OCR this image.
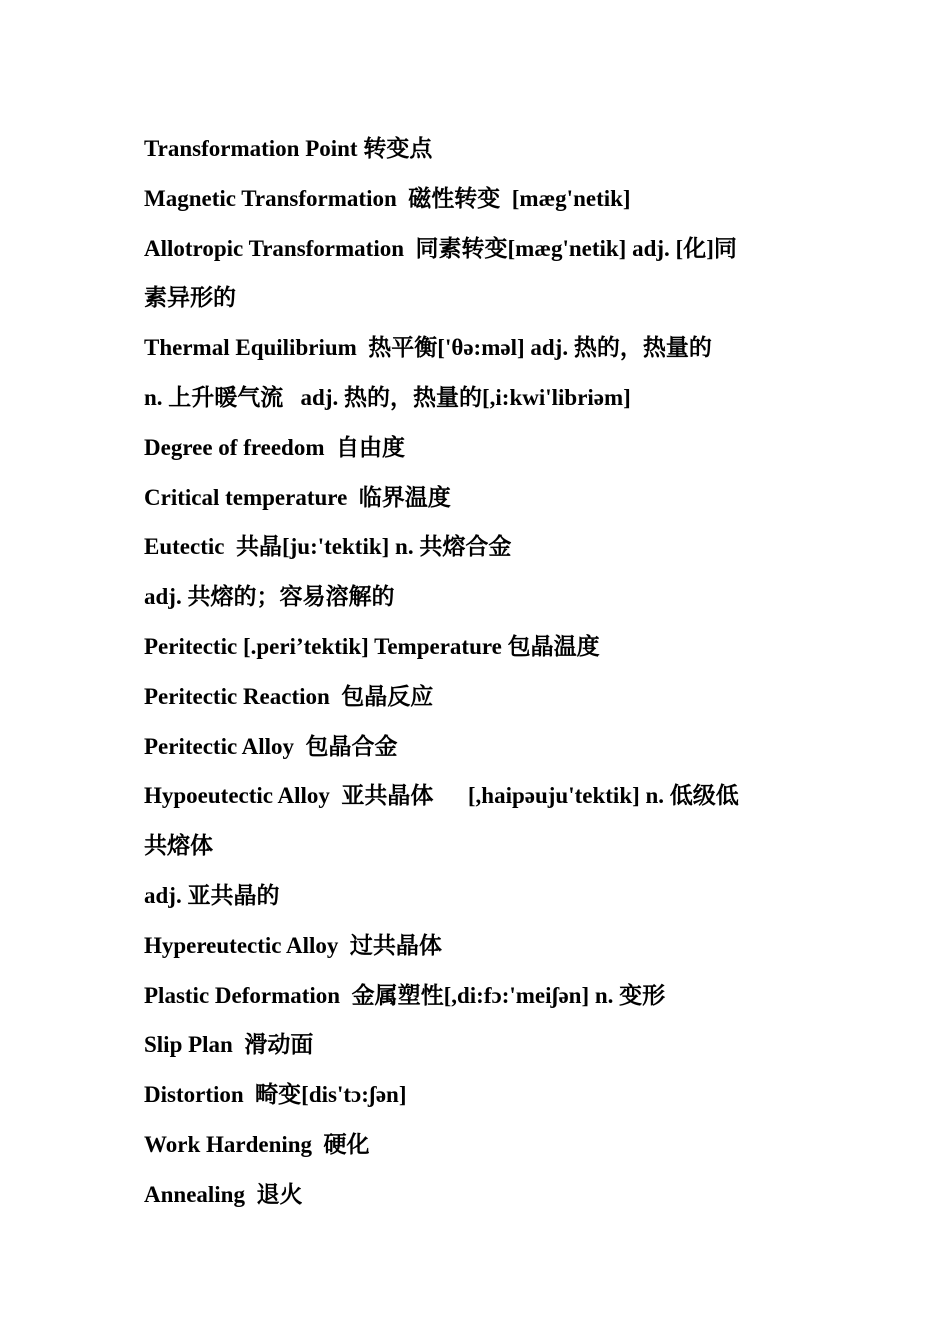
Transformation Point 转变点
Magnetic Transformation  磁性转变  [mæg'netik]
Allotropic Transformation  同素转变[mæg'netik] adj. [化]同
素异形的
Thermal Equilibrium  热平衡['θə:məl] adj. 热的，热量的
n. 上升暖气流   adj. 热的，热量的[,i:kwi'libriəm]
Degree of freedom  自由度
Critical temperature  临界温度
Eutectic  共晶[ju:'tektik] n. 共熔合金
adj. 共熔的；容易溶解的
Peritectic [.peri’tektik] Temperature 包晶温度
Peritectic Reaction  包晶反应
Peritectic Alloy  包晶合金
Hypoeutectic Alloy  亚共晶体      [,haipəuju'tektik] n. 低级低
共熔体
adj. 亚共晶的
Hypereutectic Alloy  过共晶体
Plastic Deformation  金属塑性[,di:fɔ:'meiʃən] n. 变形
Slip Plan  滑动面
Distortion  畸变[dis'tɔ:ʃən]
Work Hardening  硬化
Annealing  退火
